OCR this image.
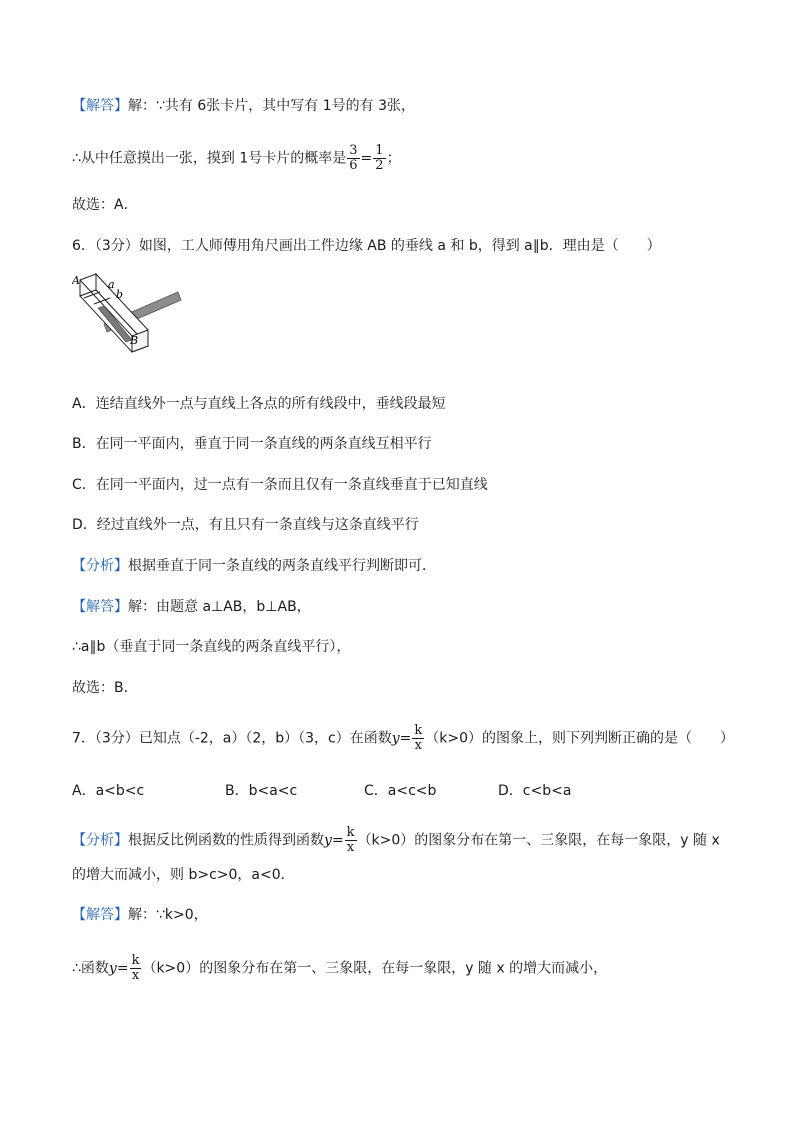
【解答】解：∵共有 6张卡片，其中写有 1号的有 3张，
∴从中任意摸出一张，摸到 1号卡片的概率是 $\frac{3}{6} = \frac{1}{2}$ ；
故选：A．
6．（3分）如图，工人师傅用角尺画出工件边缘 AB 的垂线 a 和 b，得到 a∥b．理由是（　　）
A	a
b
B
A．连结直线外一点与直线上各点的所有线段中，垂线段最短
B．在同一平面内，垂直于同一条直线的两条直线互相平行
C．在同一平面内，过一点有一条而且仅有一条直线垂直于已知直线
D．经过直线外一点，有且只有一条直线与这条直线平行
【分析】根据垂直于同一条直线的两条直线平行判断即可．
【解答】解：由题意 a⊥AB，b⊥AB，
∴a∥b（垂直于同一条直线的两条直线平行），
故选：B．
7．（3分）已知点（-2，a）（2，b）（3，c）在函数$y= \frac{k}{x} (k>0)$的图象上，则下列判断正确的是（　　）
A．a<b<c	B．b<a<c	C．a<c<b	D．c<b<a
【分析】根据反比例函数的性质得到函数$y= \frac{k}{x} (k>0)$的图象分布在第一、三象限，在每一象限，y 随 x
的增大而减小，则 b>c>0，a<0．
【解答】解：∵k>0，
∴函数$y= \frac{k}{x} (k>0)$的图象分布在第一、三象限，在每一象限，y 随 x 的增大而减小，
